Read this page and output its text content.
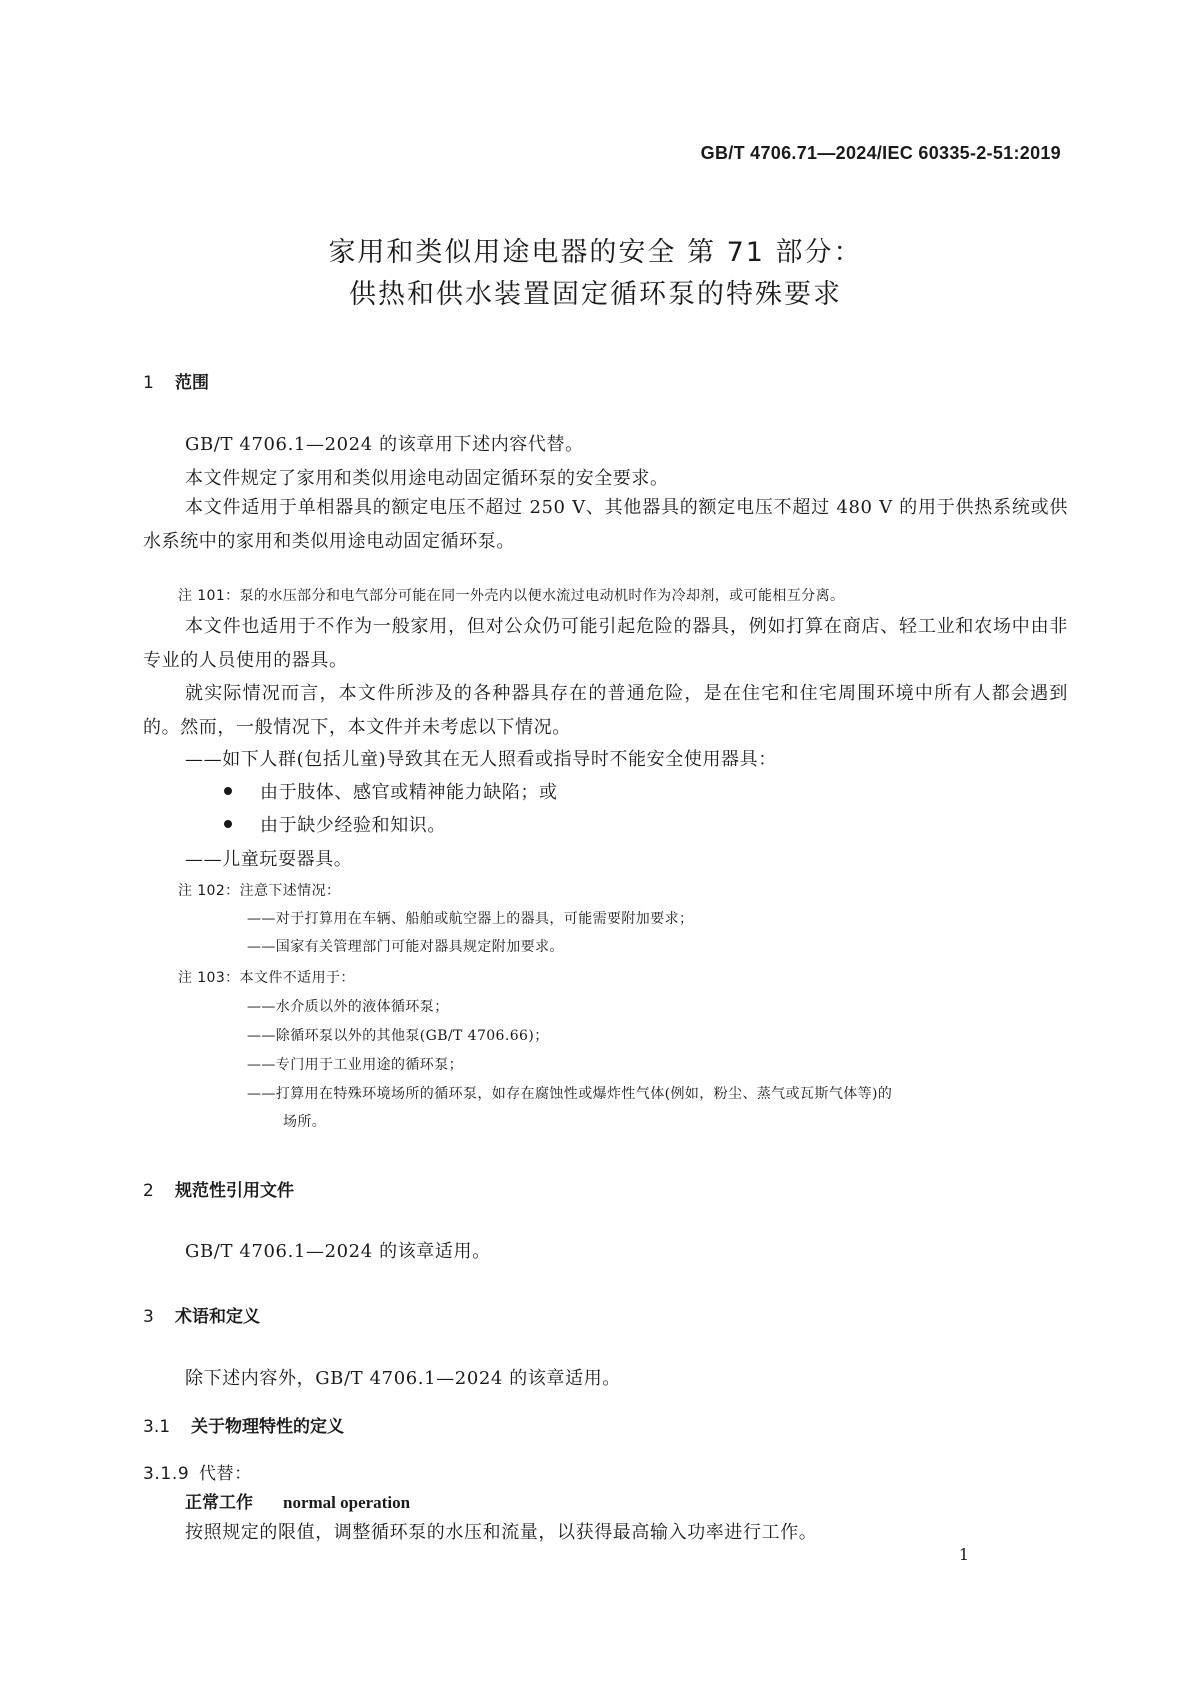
GB/T 4706.71—2024/IEC 60335-2-51:2019
家用和类似用途电器的安全 第 71 部分：
供热和供水装置固定循环泵的特殊要求
1 范围
GB/T 4706.1—2024 的该章用下述内容代替。
本文件规定了家用和类似用途电动固定循环泵的安全要求。
本文件适用于单相器具的额定电压不超过 250 V、其他器具的额定电压不超过 480 V 的用于供热系统或供水系统中的家用和类似用途电动固定循环泵。
注 101：泵的水压部分和电气部分可能在同一外壳内以便水流过电动机时作为冷却剂，或可能相互分离。
本文件也适用于不作为一般家用，但对公众仍可能引起危险的器具，例如打算在商店、轻工业和农场中由非专业的人员使用的器具。
就实际情况而言，本文件所涉及的各种器具存在的普通危险，是在住宅和住宅周围环境中所有人都会遇到的。然而，一般情况下，本文件并未考虑以下情况。
——如下人群(包括儿童)导致其在无人照看或指导时不能安全使用器具：
由于肢体、感官或精神能力缺陷；或
由于缺少经验和知识。
——儿童玩耍器具。
注 102：注意下述情况：
——对于打算用在车辆、船舶或航空器上的器具，可能需要附加要求；
——国家有关管理部门可能对器具规定附加要求。
注 103：本文件不适用于：
——水介质以外的液体循环泵；
——除循环泵以外的其他泵(GB/T 4706.66)；
——专门用于工业用途的循环泵；
——打算用在特殊环境场所的循环泵，如存在腐蚀性或爆炸性气体(例如，粉尘、蒸气或瓦斯气体等)的
场所。
2 规范性引用文件
GB/T 4706.1—2024 的该章适用。
3 术语和定义
除下述内容外，GB/T 4706.1—2024 的该章适用。
3.1 关于物理特性的定义
3.1.9 代替：
正常工作 normal operation
按照规定的限值，调整循环泵的水压和流量，以获得最高输入功率进行工作。
1
